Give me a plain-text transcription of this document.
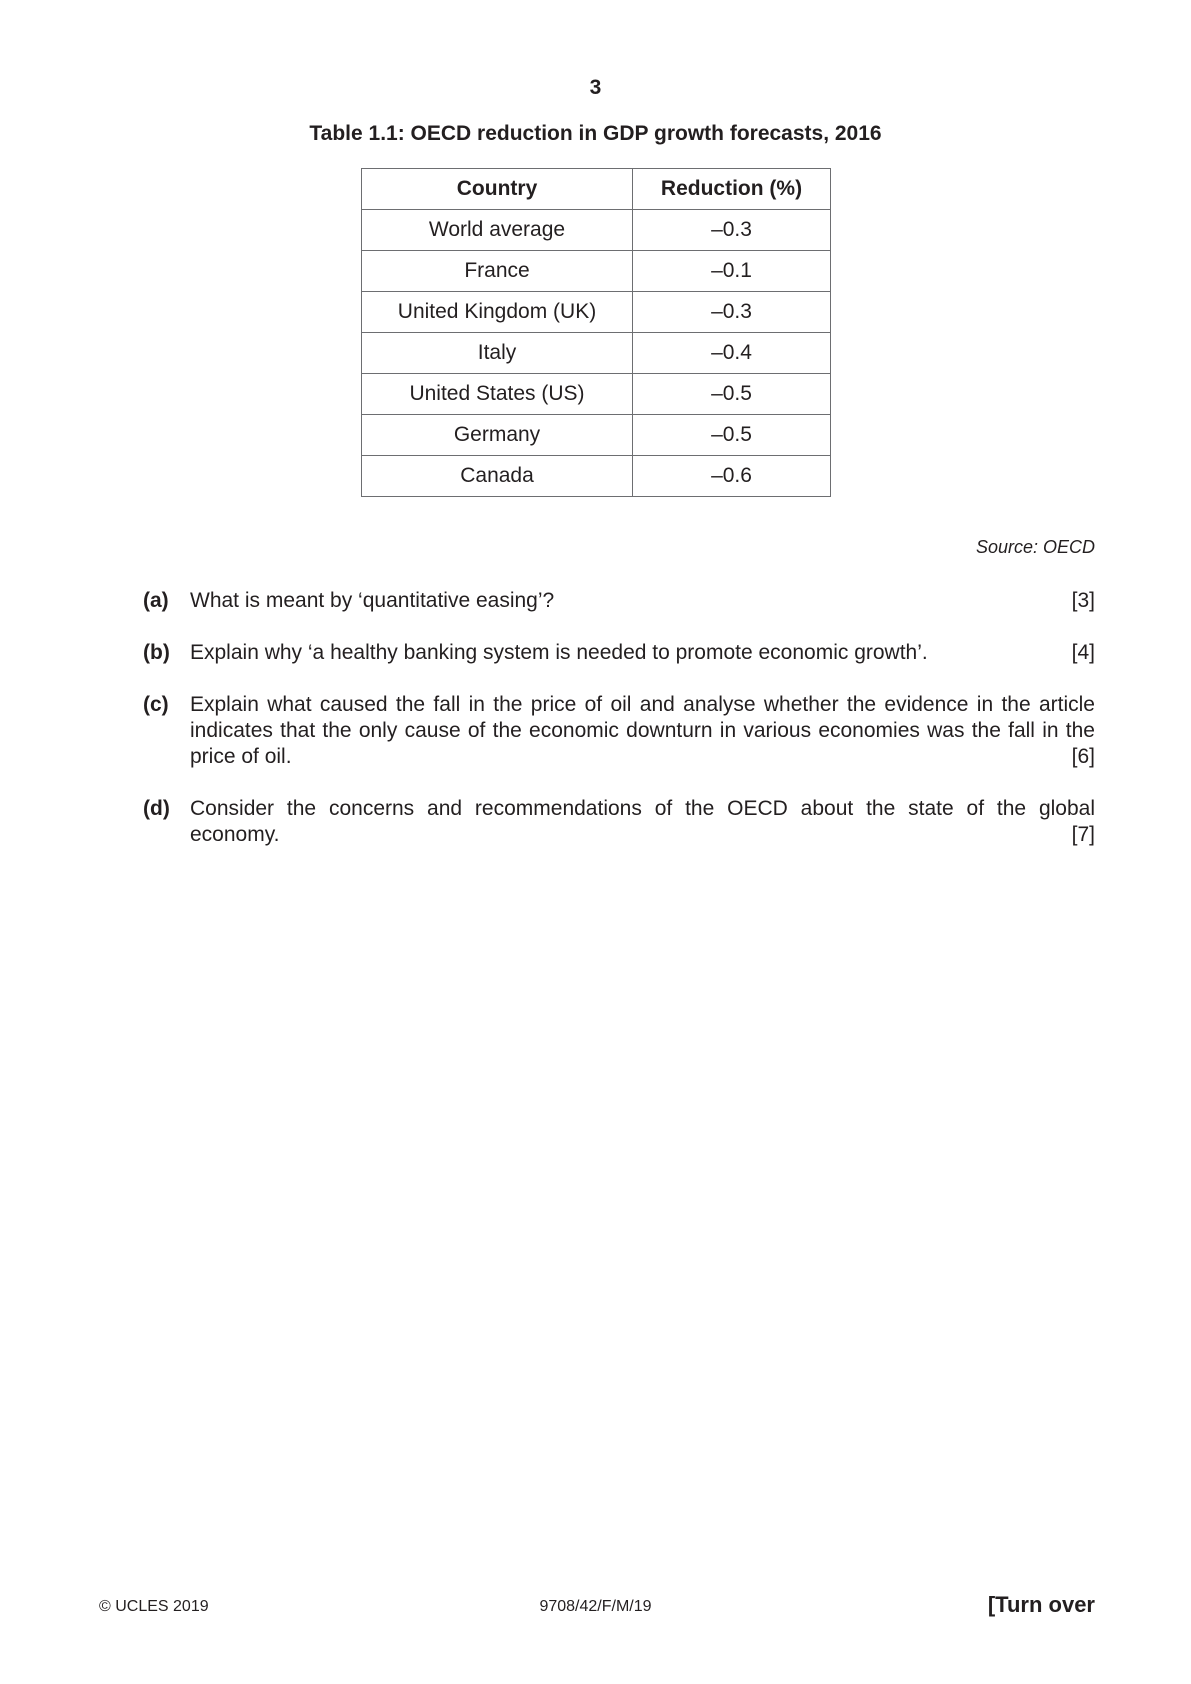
3
Table 1.1: OECD reduction in GDP growth forecasts, 2016
Country	Reduction (%)
World average	–0.3
France	–0.1
United Kingdom (UK)	–0.3
Italy	–0.4
United States (US)	–0.5
Germany	–0.5
Canada	–0.6
Source: OECD
(a)	[3]
What is meant by ‘quantitative easing’?
(b)	[4]
Explain why ‘a healthy banking system is needed to promote economic growth’.
(c) Explain what caused the fall in the price of oil and analyse whether the evidence in the article indicates that the only cause of the economic downturn in various economies was the fall in the price of oil.	[6]
(d) Consider the concerns and recommendations of the OECD about the state of the global economy.	[7]
© UCLES 2019	9708/42/F/M/19	[Turn over
